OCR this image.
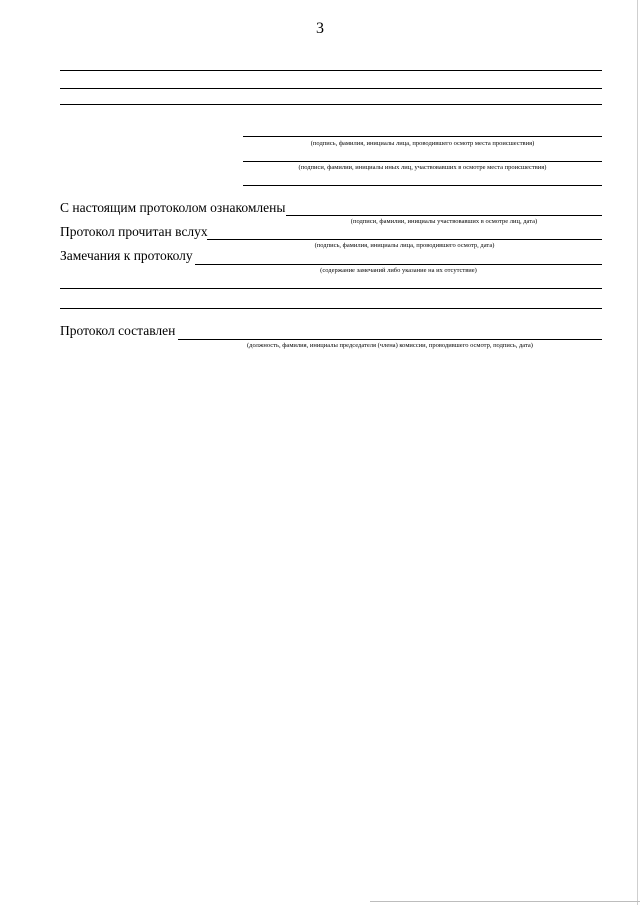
3
(подпись, фамилия, инициалы лица, проводившего осмотр места происшествия)
(подписи, фамилии, инициалы иных лиц, участвовавших в осмотре места происшествия)
С настоящим протоколом ознакомлены
(подписи, фамилии, инициалы участвовавших в осмотре лиц, дата)
Протокол прочитан вслух
(подпись, фамилия, инициалы лица, проводившего осмотр, дата)
Замечания к протоколу
(содержание замечаний либо указание на их отсутствие)
Протокол составлен
(должность, фамилия, инициалы председателя (члена) комиссии, проводившего осмотр, подпись, дата)
